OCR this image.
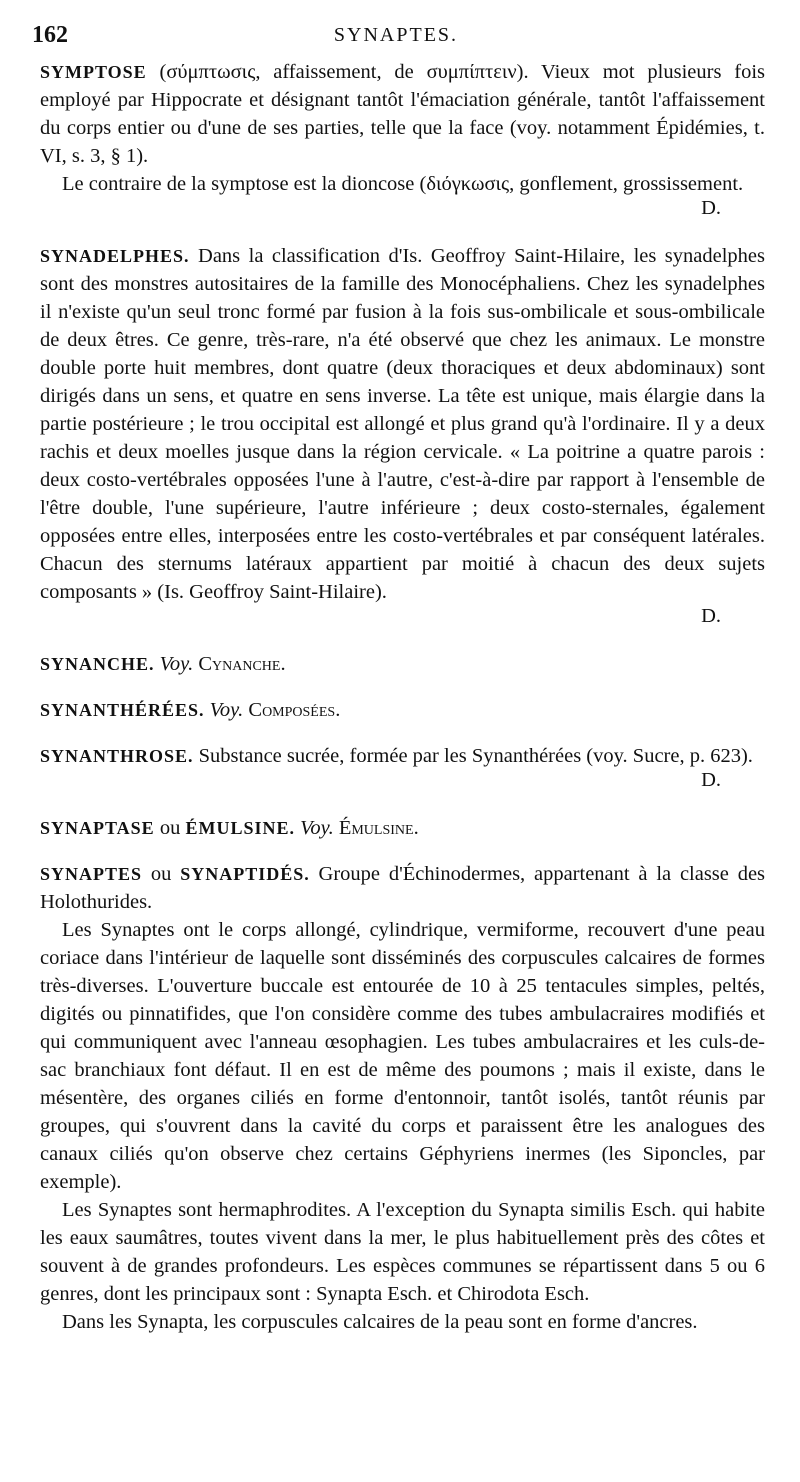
162	SYNAPTES.

SYMPTOSE (σύμπτωσις, affaissement, de συμπίπτειν). Vieux mot plusieurs fois employé par Hippocrate et désignant tantôt l'émaciation générale, tantôt l'affaissement du corps entier ou d'une de ses parties, telle que la face (voy. notamment Épidémies, t. VI, s. 3, § 1).

Le contraire de la symptose est la dioncose (διόγκωσις, gonflement, grossissement.

D.

SYNADELPHES. Dans la classification d'Is. Geoffroy Saint-Hilaire, les synadelphes sont des monstres autositaires de la famille des Monocéphaliens. Chez les synadelphes il n'existe qu'un seul tronc formé par fusion à la fois sus-ombilicale et sous-ombilicale de deux êtres. Ce genre, très-rare, n'a été observé que chez les animaux. Le monstre double porte huit membres, dont quatre (deux thoraciques et deux abdominaux) sont dirigés dans un sens, et quatre en sens inverse. La tête est unique, mais élargie dans la partie postérieure ; le trou occipital est allongé et plus grand qu'à l'ordinaire. Il y a deux rachis et deux moelles jusque dans la région cervicale. « La poitrine a quatre parois : deux costo-vertébrales opposées l'une à l'autre, c'est-à-dire par rapport à l'ensemble de l'être double, l'une supérieure, l'autre inférieure ; deux costo-sternales, également opposées entre elles, interposées entre les costo-vertébrales et par conséquent latérales. Chacun des sternums latéraux appartient par moitié à chacun des deux sujets composants » (Is. Geoffroy Saint-Hilaire).

D.
SYNANCHE. Voy. Cynanche.
SYNANTHÉRÉES. Voy. Composées.

SYNANTHROSE. Substance sucrée, formée par les Synanthérées (voy. Sucre, p. 623).

D.
SYNAPTASE ou ÉMULSINE. Voy. Émulsine.

SYNAPTES ou SYNAPTIDÉS. Groupe d'Échinodermes, appartenant à la classe des Holothurides.

Les Synaptes ont le corps allongé, cylindrique, vermiforme, recouvert d'une peau coriace dans l'intérieur de laquelle sont disséminés des corpuscules calcaires de formes très-diverses. L'ouverture buccale est entourée de 10 à 25 tentacules simples, peltés, digités ou pinnatifides, que l'on considère comme des tubes ambulacraires modifiés et qui communiquent avec l'anneau œsophagien. Les tubes ambulacraires et les culs-de-sac branchiaux font défaut. Il en est de même des poumons ; mais il existe, dans le mésentère, des organes ciliés en forme d'entonnoir, tantôt isolés, tantôt réunis par groupes, qui s'ouvrent dans la cavité du corps et paraissent être les analogues des canaux ciliés qu'on observe chez certains Géphyriens inermes (les Siponcles, par exemple).

Les Synaptes sont hermaphrodites. A l'exception du Synapta similis Esch. qui habite les eaux saumâtres, toutes vivent dans la mer, le plus habituellement près des côtes et souvent à de grandes profondeurs. Les espèces communes se répartissent dans 5 ou 6 genres, dont les principaux sont : Synapta Esch. et Chirodota Esch.

Dans les Synapta, les corpuscules calcaires de la peau sont en forme d'ancres.
